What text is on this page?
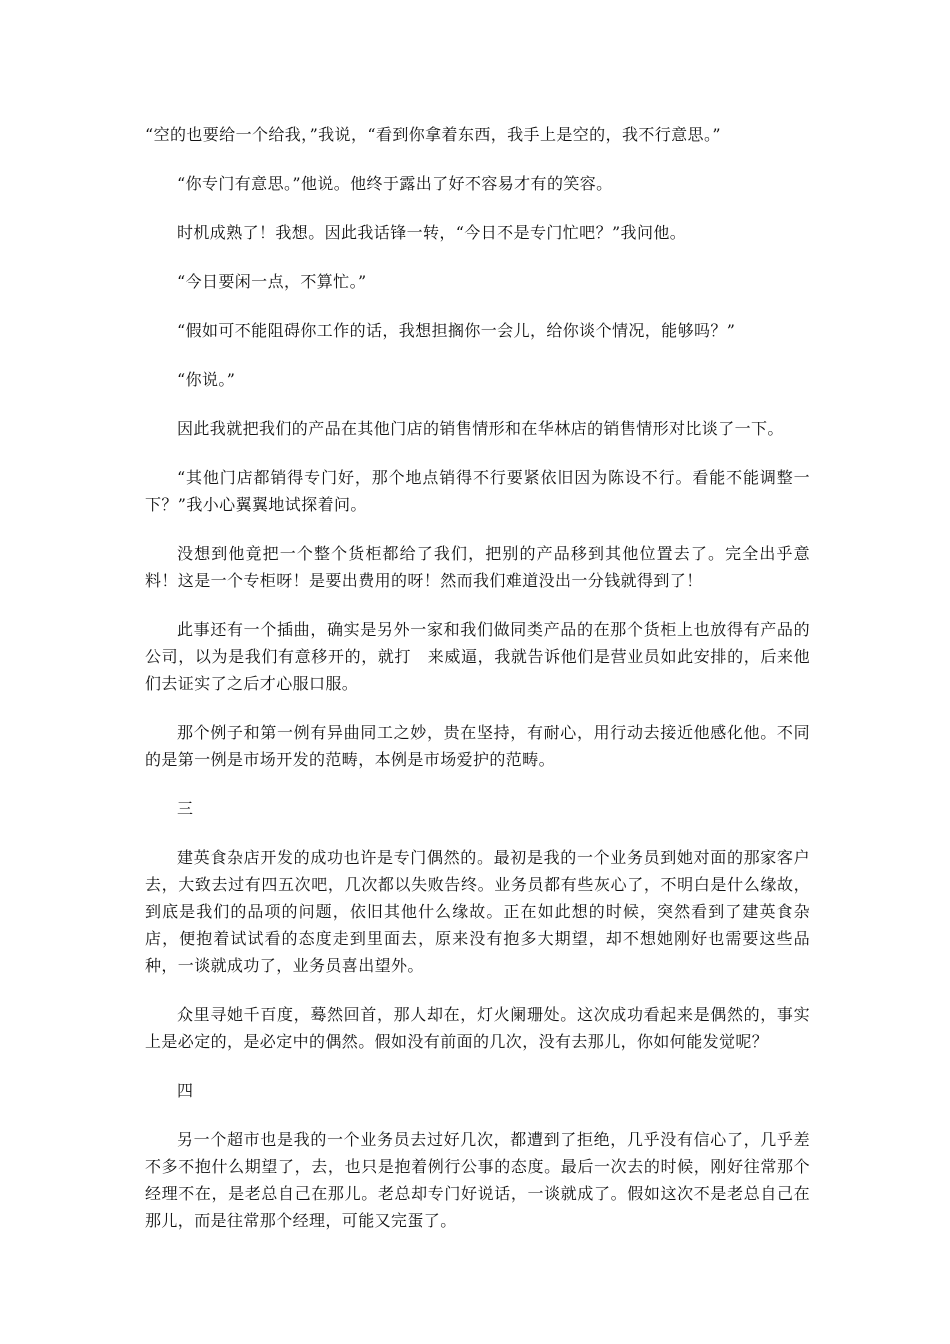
“空的也要给一个给我，”我说，“看到你拿着东西，我手上是空的，我不行意思。”

“你专门有意思。”他说。他终于露出了好不容易才有的笑容。

时机成熟了！我想。因此我话锋一转，“今日不是专门忙吧？”我问他。

“今日要闲一点，不算忙。”

“假如可不能阻碍你工作的话，我想担搁你一会儿，给你谈个情况，能够吗？”

“你说。”

因此我就把我们的产品在其他门店的销售情形和在华林店的销售情形对比谈了一下。

“其他门店都销得专门好，那个地点销得不行要紧依旧因为陈设不行。看能不能调整一下？”我小心翼翼地试探着问。

没想到他竟把一个整个货柜都给了我们，把别的产品移到其他位置去了。完全出乎意料！这是一个专柜呀！是要出费用的呀！然而我们难道没出一分钱就得到了！

此事还有一个插曲，确实是另外一家和我们做同类产品的在那个货柜上也放得有产品的公司，以为是我们有意移开的，就打　来威逼，我就告诉他们是营业员如此安排的，后来他们去证实了之后才心服口服。

那个例子和第一例有异曲同工之妙，贵在坚持，有耐心，用行动去接近他感化他。不同的是第一例是市场开发的范畴，本例是市场爱护的范畴。

三

建英食杂店开发的成功也许是专门偶然的。最初是我的一个业务员到她对面的那家客户去，大致去过有四五次吧，几次都以失败告终。业务员都有些灰心了，不明白是什么缘故，到底是我们的品项的问题，依旧其他什么缘故。正在如此想的时候，突然看到了建英食杂店，便抱着试试看的态度走到里面去，原来没有抱多大期望，却不想她刚好也需要这些品种，一谈就成功了，业务员喜出望外。

众里寻她千百度，蓦然回首，那人却在，灯火阑珊处。这次成功看起来是偶然的，事实上是必定的，是必定中的偶然。假如没有前面的几次，没有去那儿，你如何能发觉呢？

四

另一个超市也是我的一个业务员去过好几次，都遭到了拒绝，几乎没有信心了，几乎差不多不抱什么期望了，去，也只是抱着例行公事的态度。最后一次去的时候，刚好往常那个经理不在，是老总自己在那儿。老总却专门好说话，一谈就成了。假如这次不是老总自己在那儿，而是往常那个经理，可能又完蛋了。
